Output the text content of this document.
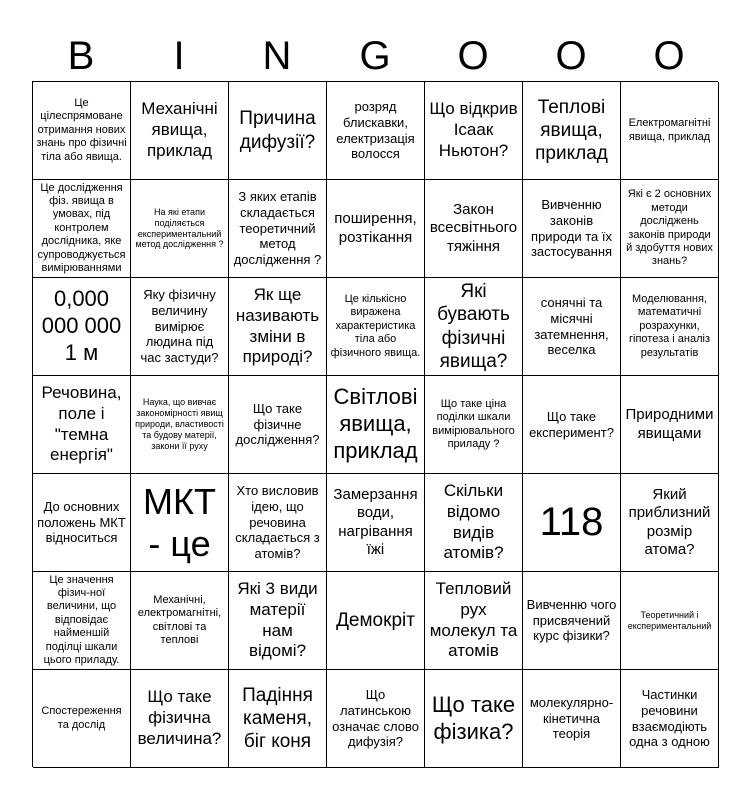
B	I	N	G	O	O	O
Це цілеспрямоване отримання нових знань про фізичні тіла або явища.
Механічні явища, приклад
Причина дифузії?
розряд блискавки, електризація волосся
Що відкрив Ісаак Ньютон?
Теплові явища, приклад
Електромагнітні явища, приклад
Це дослідження фіз. явища в умовах, під контролем дослідника, яке супроводжується вимірюваннями
На які етапи поділяється експериментальний метод дослідження ?
З яких етапів складається теоретичний метод дослідження ?
поширення, розтікання
Закон всесвітнього тяжіння
Вивченню законів природи та їх застосування
Які є 2 основних методи досліджень законів природи й здобуття нових знань?
0,000 000 000 1 м
Яку фізичну величину вимірює людина під час застуди?
Як ще називають зміни в природі?
Це кількісно виражена характеристика тіла або фізичного явища.
Які бувають фізичні явища?
сонячні та місячні затемнення, веселка
Моделювання, математичні розрахунки, гіпотеза і аналіз результатів
Речовина, поле і "темна енергія"
Наука, що вивчає закономірності явищ природи, властивості та будову матерії, закони її руху
Що таке фізичне дослідження?
Світлові явища, приклад
Що таке ціна поділки шкали вимірювального приладу ?
Що таке експеримент?
Природними явищами
До основних положень МКТ відноситься
МКТ - це
Хто висловив ідею, що речовина складається з атомів?
Замерзання води, нагрівання їжі
Скільки відомо видів атомів?
118
Який приблизний розмір атома?
Це значення фізич-ної величини, що відповідає найменшій поділці шкали цього приладу.
Механічні, електромагнітні, світлові та теплові
Які 3 види матерії нам відомі?
Демокріт
Тепловий рух молекул та атомів
Вивченню чого присвячений курс фізики?
Теоретичний і експериментальний
Спостереження та дослід
Що таке фізична величина?
Падіння каменя, біг коня
Що латинською означає слово дифузія?
Що таке фізика?
молекулярно-кінетична теорія
Частинки речовини взаємодіють одна з одною
